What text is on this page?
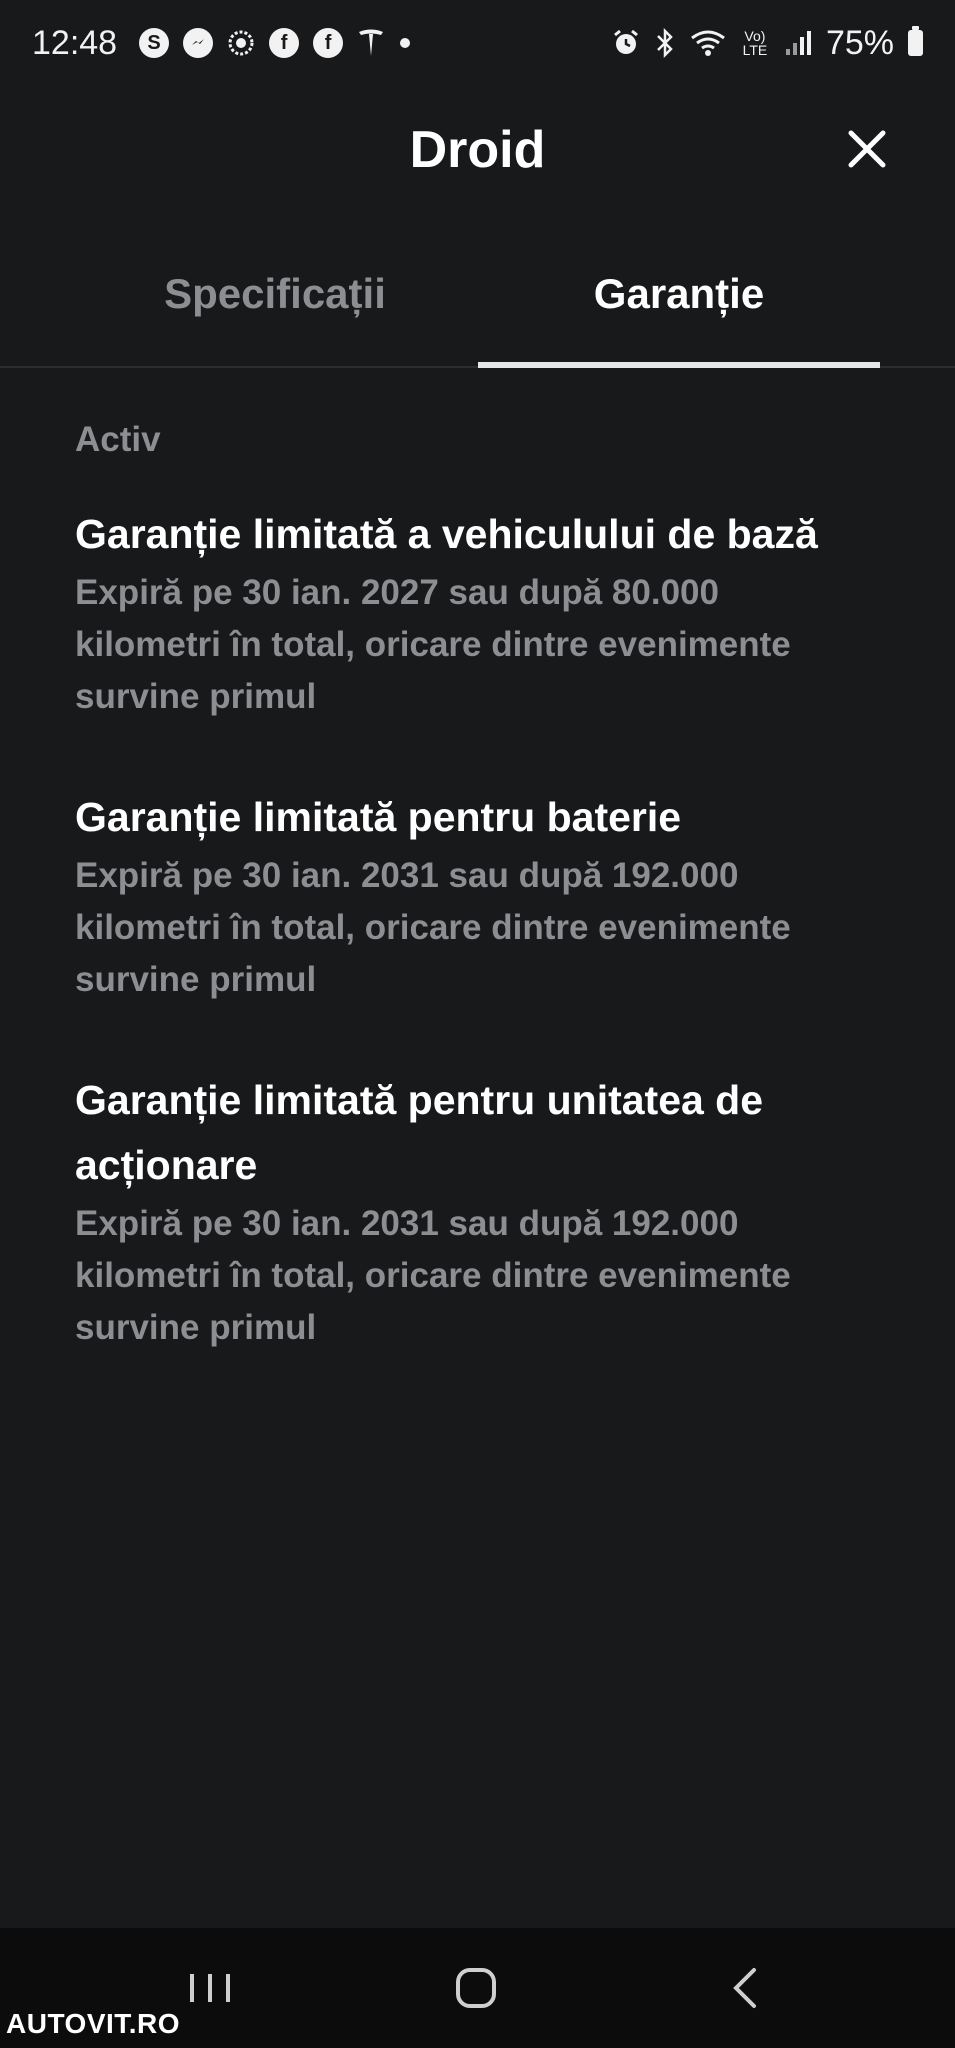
12:48	S	f	f	Vo) LTE 75%
Droid
Specificații	Garanție
Activ
Garanție limitată a vehiculului de bază
Expiră pe 30 ian. 2027 sau după 80.000 kilometri în total, oricare dintre evenimente survine primul
Garanție limitată pentru baterie
Expiră pe 30 ian. 2031 sau după 192.000 kilometri în total, oricare dintre evenimente survine primul
Garanție limitată pentru unitatea de acționare
Expiră pe 30 ian. 2031 sau după 192.000 kilometri în total, oricare dintre evenimente survine primul
AUTOVIT.RO
